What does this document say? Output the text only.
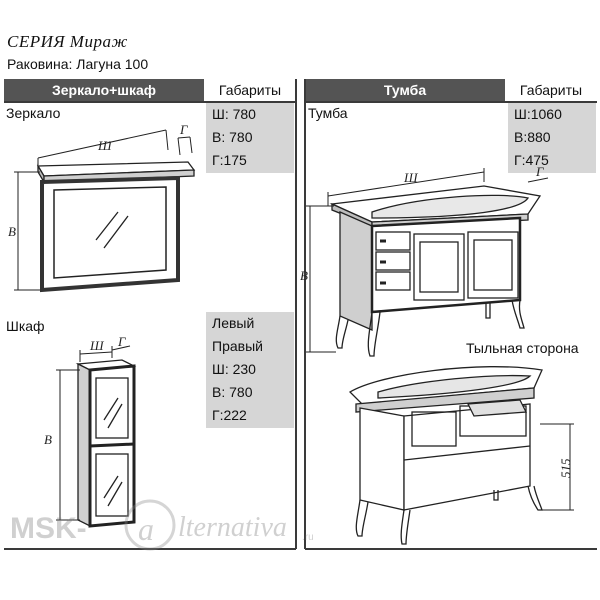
СЕРИЯ Мираж
Раковина: Лагуна 100
Зеркало+шкаф	Габариты	Тумба	Габариты
Зеркало	Ш: 780
В: 780
Г:175
Шкаф	Левый
Правый
Ш: 230
В: 780
Г:222
Тумба	Ш:1060
В:880
Г:475
Тыльная сторона
Ш
Г
В
Ш Г
В
Ш	Г
В
515
MSK- a lternativa .ru
